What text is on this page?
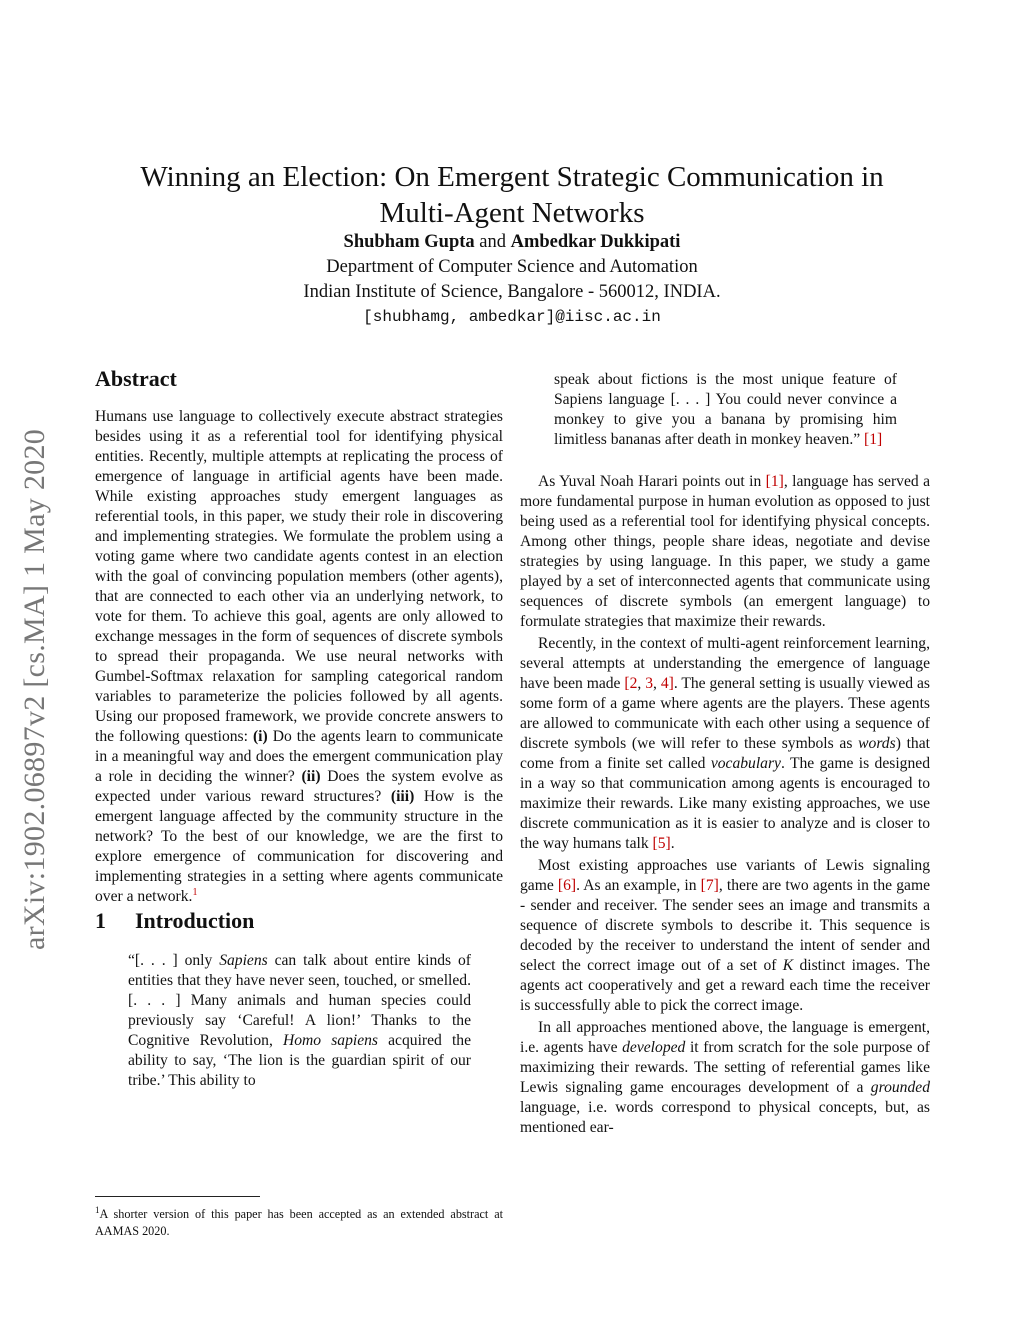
arXiv:1902.06897v2 [cs.MA] 1 May 2020
Winning an Election: On Emergent Strategic Communication in Multi-Agent Networks
Shubham Gupta and Ambedkar Dukkipati
Department of Computer Science and Automation
Indian Institute of Science, Bangalore - 560012, INDIA.
[shubhamg, ambedkar]@iisc.ac.in
Abstract

Humans use language to collectively execute abstract strategies besides using it as a referential tool for identifying physical entities. Recently, multiple attempts at replicating the process of emergence of language in artificial agents have been made. While existing approaches study emergent languages as referential tools, in this paper, we study their role in discovering and implementing strategies. We formulate the problem using a voting game where two candidate agents contest in an election with the goal of convincing population members (other agents), that are connected to each other via an underlying network, to vote for them. To achieve this goal, agents are only allowed to exchange messages in the form of sequences of discrete symbols to spread their propaganda. We use neural networks with Gumbel-Softmax relaxation for sampling categorical random variables to parameterize the policies followed by all agents. Using our proposed framework, we provide concrete answers to the following questions: (i) Do the agents learn to communicate in a meaningful way and does the emergent communication play a role in deciding the winner? (ii) Does the system evolve as expected under various reward structures? (iii) How is the emergent language affected by the community structure in the network? To the best of our knowledge, we are the first to explore emergence of communication for discovering and implementing strategies in a setting where agents communicate over a network.$^1$

1 Introduction

“[. . . ] only Sapiens can talk about entire kinds of entities that they have never seen, touched, or smelled. [. . . ] Many animals and human species could previously say ‘Careful! A lion!’ Thanks to the Cognitive Revolution, Homo sapiens acquired the ability to say, ‘The lion is the guardian spirit of our tribe.’ This ability to

speak about fictions is the most unique feature of Sapiens language [. . . ] You could never convince a monkey to give you a banana by promising him limitless bananas after death in monkey heaven.” [1]

As Yuval Noah Harari points out in [1], language has served a more fundamental purpose in human evolution as opposed to just being used as a referential tool for identifying physical concepts. Among other things, people share ideas, negotiate and devise strategies by using language. In this paper, we study a game played by a set of interconnected agents that communicate using sequences of discrete symbols (an emergent language) to formulate strategies that maximize their rewards.

Recently, in the context of multi-agent reinforcement learning, several attempts at understanding the emergence of language have been made [2, 3, 4]. The general setting is usually viewed as some form of a game where agents are the players. These agents are allowed to communicate with each other using a sequence of discrete symbols (we will refer to these symbols as words) that come from a finite set called vocabulary. The game is designed in a way so that communication among agents is encouraged to maximize their rewards. Like many existing approaches, we use discrete communication as it is easier to analyze and is closer to the way humans talk [5].

Most existing approaches use variants of Lewis signaling game [6]. As an example, in [7], there are two agents in the game - sender and receiver. The sender sees an image and transmits a sequence of discrete symbols to describe it. This sequence is decoded by the receiver to understand the intent of sender and select the correct image out of a set of K distinct images. The agents act cooperatively and get a reward each time the receiver is successfully able to pick the correct image.

In all approaches mentioned above, the language is emergent, i.e. agents have developed it from scratch for the sole purpose of maximizing their rewards. The setting of referential games like Lewis signaling game encourages development of a grounded language, i.e. words correspond to physical concepts, but, as mentioned ear-

$^1$A shorter version of this paper has been accepted as an extended abstract at AAMAS 2020.
